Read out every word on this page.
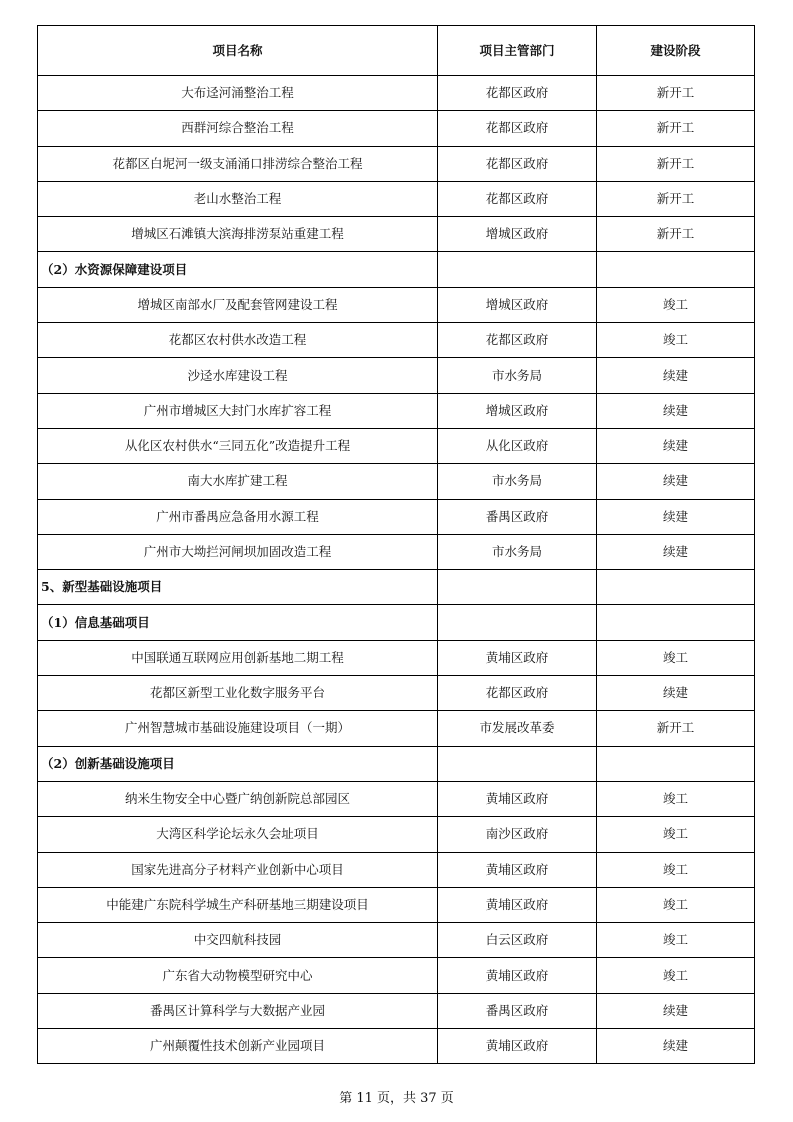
项目名称	项目主管部门	建设阶段
大布迳河涌整治工程	花都区政府	新开工
西群河综合整治工程	花都区政府	新开工
花都区白坭河一级支涌涌口排涝综合整治工程	花都区政府	新开工
老山水整治工程	花都区政府	新开工
增城区石滩镇大滨海排涝泵站重建工程	增城区政府	新开工
（2）水资源保障建设项目		
增城区南部水厂及配套管网建设工程	增城区政府	竣工
花都区农村供水改造工程	花都区政府	竣工
沙迳水库建设工程	市水务局	续建
广州市增城区大封门水库扩容工程	增城区政府	续建
从化区农村供水“三同五化”改造提升工程	从化区政府	续建
南大水库扩建工程	市水务局	续建
广州市番禺应急备用水源工程	番禺区政府	续建
广州市大坳拦河闸坝加固改造工程	市水务局	续建
5、新型基础设施项目		
（1）信息基础项目		
中国联通互联网应用创新基地二期工程	黄埔区政府	竣工
花都区新型工业化数字服务平台	花都区政府	续建
广州智慧城市基础设施建设项目（一期）	市发展改革委	新开工
（2）创新基础设施项目		
纳米生物安全中心暨广纳创新院总部园区	黄埔区政府	竣工
大湾区科学论坛永久会址项目	南沙区政府	竣工
国家先进高分子材料产业创新中心项目	黄埔区政府	竣工
中能建广东院科学城生产科研基地三期建设项目	黄埔区政府	竣工
中交四航科技园	白云区政府	竣工
广东省大动物模型研究中心	黄埔区政府	竣工
番禺区计算科学与大数据产业园	番禺区政府	续建
广州颠覆性技术创新产业园项目	黄埔区政府	续建
第 11 页，共 37 页
